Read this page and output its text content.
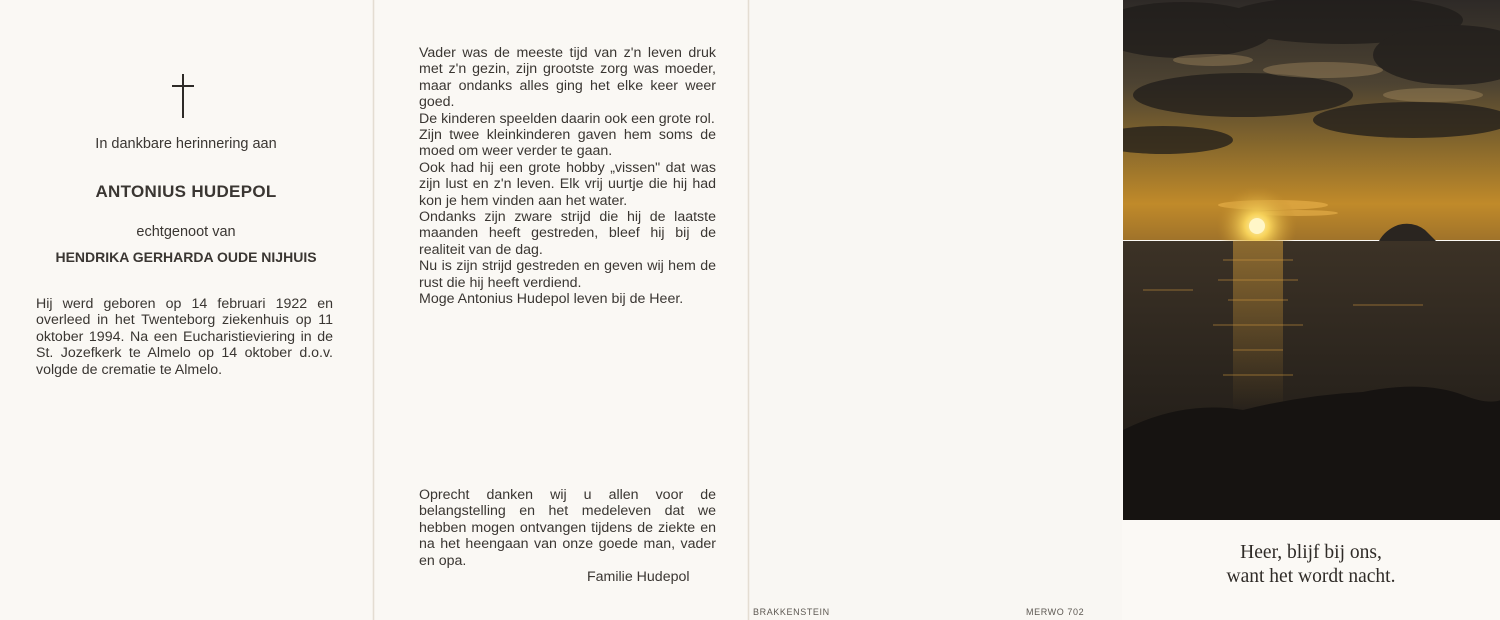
In dankbare herinnering aan
ANTONIUS HUDEPOL
echtgenoot van
HENDRIKA GERHARDA OUDE NIJHUIS
Hij werd geboren op 14 februari 1922 en overleed in het Twenteborg ziekenhuis op 11 oktober 1994. Na een Eucharistieviering in de St. Jozefkerk te Almelo op 14 oktober d.o.v. volgde de crematie te Almelo.
Vader was de meeste tijd van z'n leven druk met z'n gezin, zijn grootste zorg was moeder, maar ondanks alles ging het elke keer weer goed.
De kinderen speelden daarin ook een grote rol.
Zijn twee kleinkinderen gaven hem soms de moed om weer verder te gaan.
Ook had hij een grote hobby „vissen" dat was zijn lust en z'n leven. Elk vrij uurtje die hij had kon je hem vinden aan het water.
Ondanks zijn zware strijd die hij de laatste maanden heeft gestreden, bleef hij bij de realiteit van de dag.
Nu is zijn strijd gestreden en geven wij hem de rust die hij heeft verdiend.
Moge Antonius Hudepol leven bij de Heer.
Oprecht danken wij u allen voor de belangstelling en het medeleven dat we hebben mogen ontvangen tijdens de ziekte en na het heengaan van onze goede man, vader en opa.
Familie Hudepol
BRAKKENSTEIN	MERWO 702
Heer, blijf bij ons,
want het wordt nacht.
